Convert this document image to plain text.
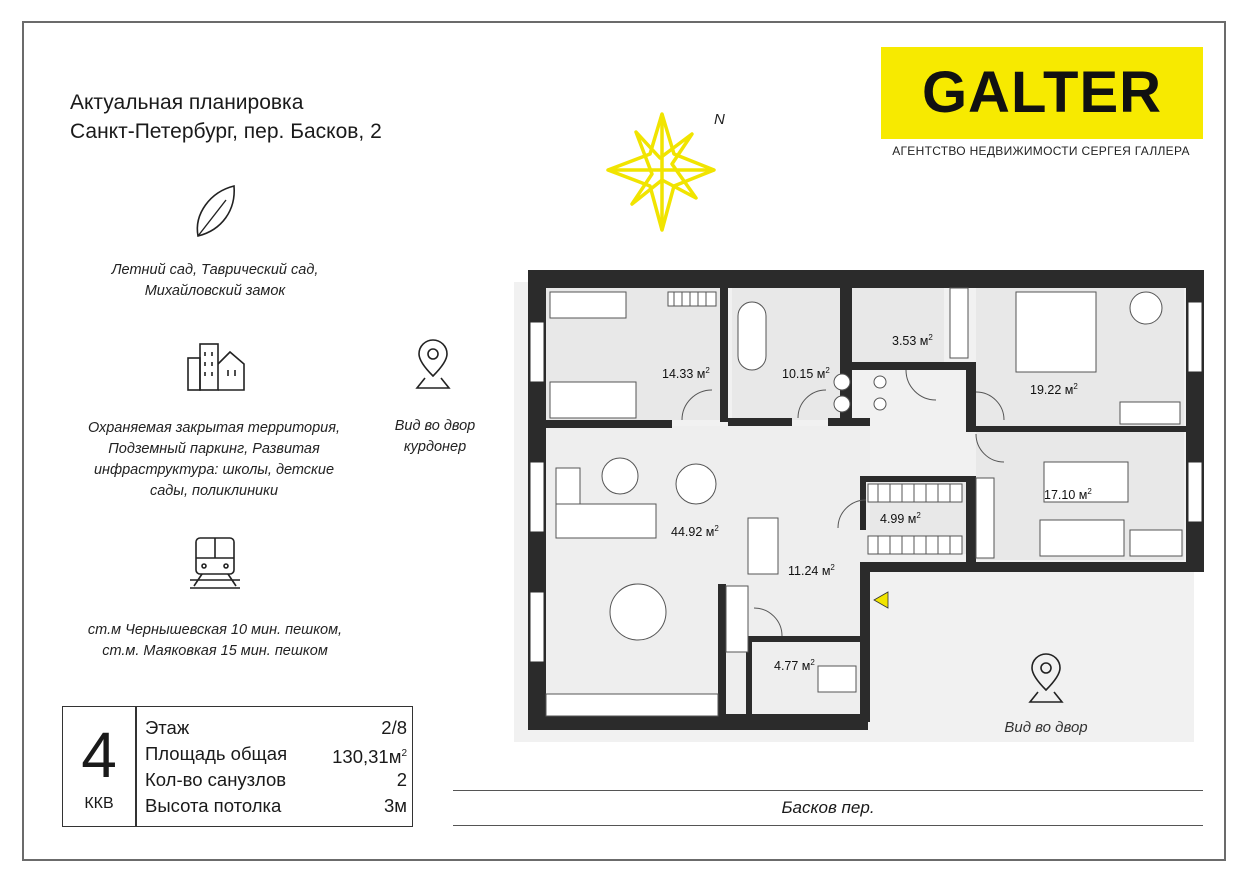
Актуальная планировка
Санкт-Петербург, пер. Басков, 2
GALTER
АГЕНТСТВО НЕДВИЖИМОСТИ СЕРГЕЯ ГАЛЛЕРА
N
Летний сад, Таврический сад,
Михайловский замок
Охраняемая закрытая территория,
Подземный паркинг, Развитая
инфраструктура: школы, детские
сады, поликлиники
Вид во двор
курдонер
ст.м Чернышевская 10 мин. пешком,
ст.м. Маяковкая 15 мин. пешком
4
ККВ
Этаж	2/8
Площадь общая $130,31м^2$
Кол-во санузлов	2
Высота потолка	3м
14.33 $м^2$	10.15 $м^2$
3.53 $м^2$
19.22 $м^2$
17.10 $м^2$
4.99 $м^2$
44.92 $м^2$
11.24 $м^2$
4.77 $м^2$
Вид во двор
Басков пер.
